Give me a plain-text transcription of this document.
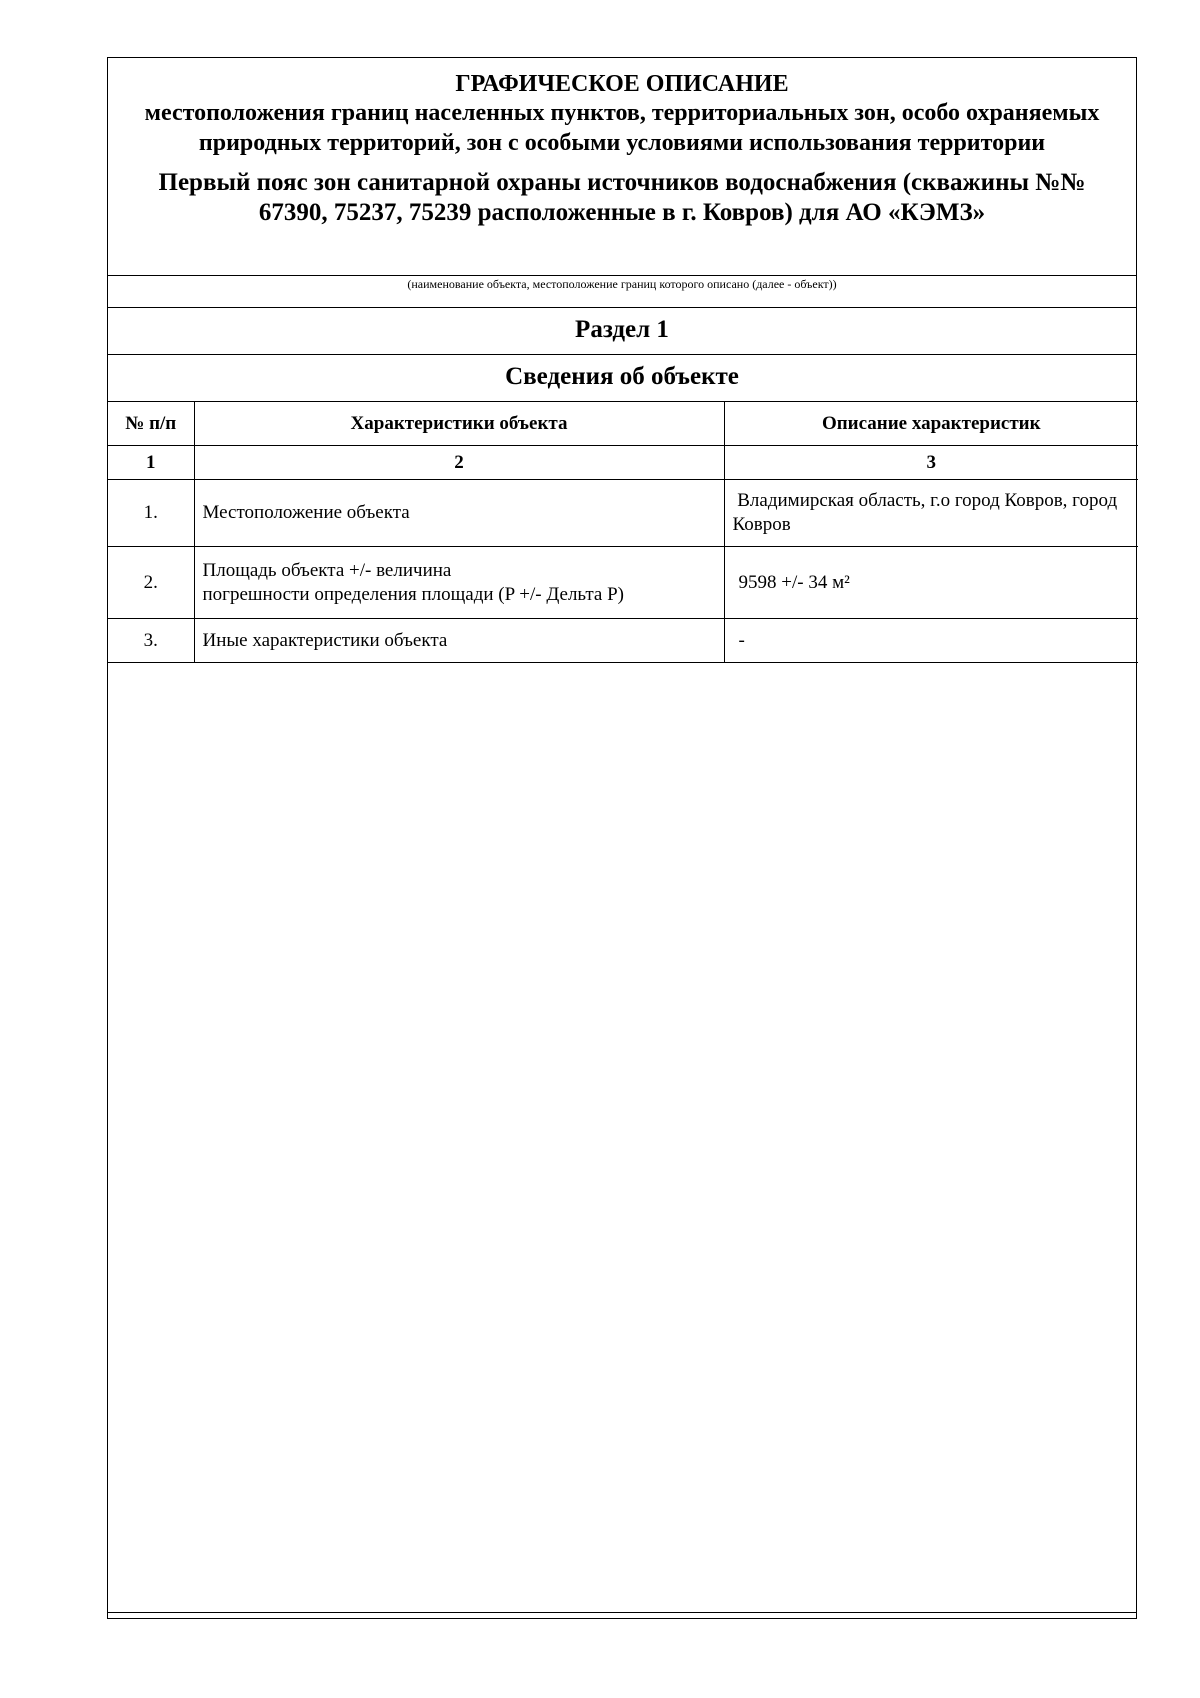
ГРАФИЧЕСКОЕ ОПИСАНИЕ
местоположения границ населенных пунктов, территориальных зон, особо охраняемых природных территорий, зон с особыми условиями использования территории
Первый пояс зон санитарной охраны источников водоснабжения (скважины №№ 67390, 75237, 75239 расположенные в г. Ковров) для АО «КЭМЗ»
(наименование объекта, местоположение границ которого описано (далее - объект))
Раздел 1
Сведения об объекте
№ п/п	Характеристики объекта	Описание характеристик
1	2	3
1.	Местоположение объекта	Владимирская область, г.о город Ковров, город Ковров
2.	Площадь объекта +/- величина
погрешности определения площади (P +/- Дельта P)	9598 +/- 34 м²
3.	Иные характеристики объекта	-
